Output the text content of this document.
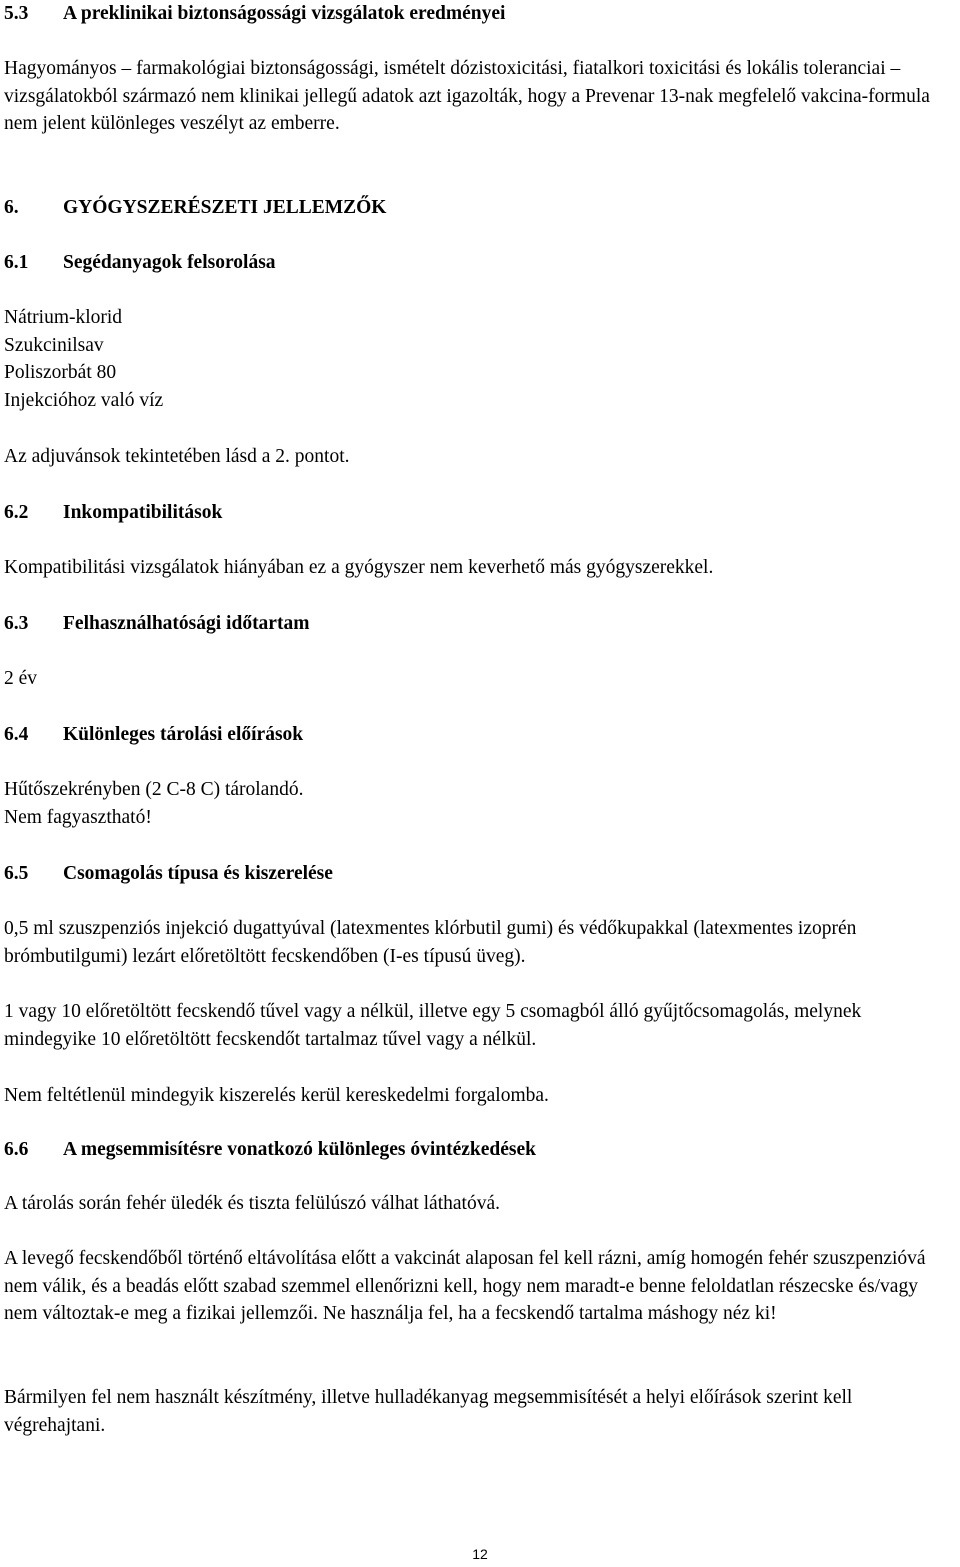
5.3 A preklinikai biztonságossági vizsgálatok eredményei

Hagyományos – farmakológiai biztonságossági, ismételt dózistoxicitási, fiatalkori toxicitási és lokális toleranciai – vizsgálatokból származó nem klinikai jellegű adatok azt igazolták, hogy a Prevenar 13-nak megfelelő vakcina-formula nem jelent különleges veszélyt az emberre.

6. GYÓGYSZERÉSZETI JELLEMZŐK
6.1 Segédanyagok felsorolása
Nátrium-klorid
Szukcinilsav
Poliszorbát 80
Injekcióhoz való víz

Az adjuvánsok tekintetében lásd a 2. pontot.

6.2 Inkompatibilitások

Kompatibilitási vizsgálatok hiányában ez a gyógyszer nem keverhető más gyógyszerekkel.

6.3 Felhasználhatósági időtartam

2 év

6.4 Különleges tárolási előírások
Hűtőszekrényben (2 C-8 C) tárolandó.
Nem fagyasztható!
6.5 Csomagolás típusa és kiszerelése

0,5 ml szuszpenziós injekció dugattyúval (latexmentes klórbutil gumi) és védőkupakkal (latexmentes izoprén brómbutilgumi) lezárt előretöltött fecskendőben (I-es típusú üveg).

1 vagy 10 előretöltött fecskendő tűvel vagy a nélkül, illetve egy 5 csomagból álló gyűjtőcsomagolás, melynek mindegyike 10 előretöltött fecskendőt tartalmaz tűvel vagy a nélkül.

Nem feltétlenül mindegyik kiszerelés kerül kereskedelmi forgalomba.

6.6 A megsemmisítésre vonatkozó különleges óvintézkedések

A tárolás során fehér üledék és tiszta felülúszó válhat láthatóvá.

A levegő fecskendőből történő eltávolítása előtt a vakcinát alaposan fel kell rázni, amíg homogén fehér szuszpenzióvá nem válik, és a beadás előtt szabad szemmel ellenőrizni kell, hogy nem maradt-e benne feloldatlan részecske és/vagy nem változtak-e meg a fizikai jellemzői. Ne használja fel, ha a fecskendő tartalma máshogy néz ki!

Bármilyen fel nem használt készítmény, illetve hulladékanyag megsemmisítését a helyi előírások szerint kell végrehajtani.

12
